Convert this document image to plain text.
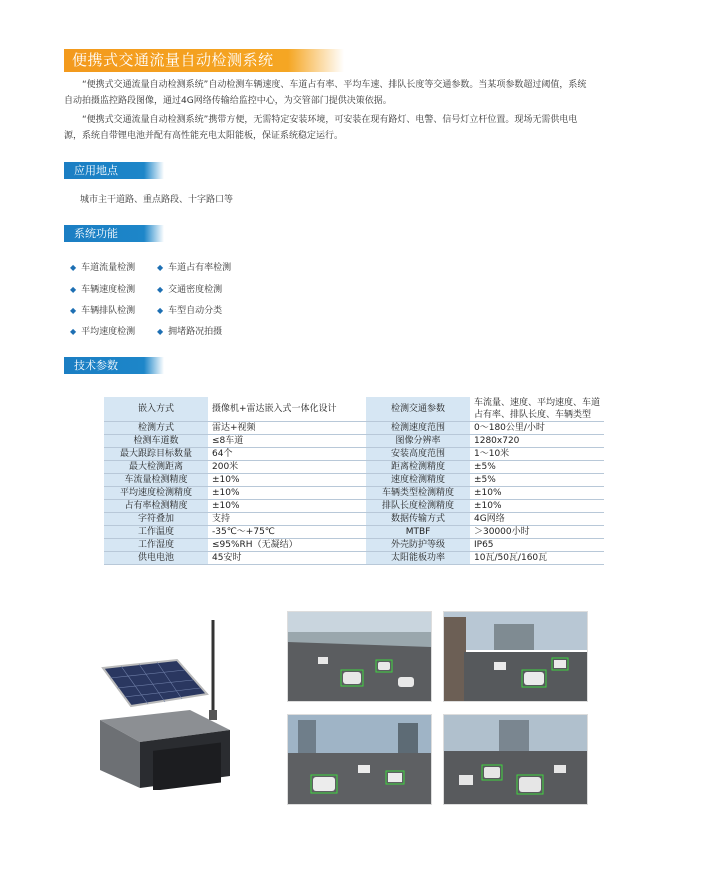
便携式交通流量自动检测系统
“便携式交通流量自动检测系统”自动检测车辆速度、车道占有率、平均车速、排队长度等交通参数。当某项参数超过阈值，系统
自动拍摄监控路段图像，通过4G网络传输给监控中心，为交管部门提供决策依据。
“便携式交通流量自动检测系统”携带方便，无需特定安装环境，可安装在现有路灯、电警、信号灯立杆位置。现场无需供电电
源，系统自带锂电池并配有高性能充电太阳能板，保证系统稳定运行。
应用地点
城市主干道路、重点路段、十字路口等
系统功能
◆ 车道流量检测
◆ 车辆速度检测
◆ 车辆排队检测
◆ 平均速度检测
◆ 车道占有率检测
◆ 交通密度检测
◆ 车型自动分类
◆ 拥堵路况拍摄
技术参数
嵌入方式	摄像机+雷达嵌入式一体化设计	检测交通参数	车流量、速度、平均速度、车道占有率、排队长度、车辆类型
检测方式	雷达+视频	检测速度范围	0～180公里/小时
检测车道数	≤8车道	图像分辨率	1280x720
最大跟踪目标数量	64个	安装高度范围	1～10米
最大检测距离	200米	距离检测精度	±5%
车流量检测精度	±10%	速度检测精度	±5%
平均速度检测精度	±10%	车辆类型检测精度	±10%
占有率检测精度	±10%	排队长度检测精度	±10%
字符叠加	支持	数据传输方式	4G网络
工作温度	-35℃～+75℃	MTBF	＞30000小时
工作湿度	≤95%RH（无凝结）	外壳防护等级	IP65
供电电池	45安时	太阳能板功率	10瓦/50瓦/160瓦
